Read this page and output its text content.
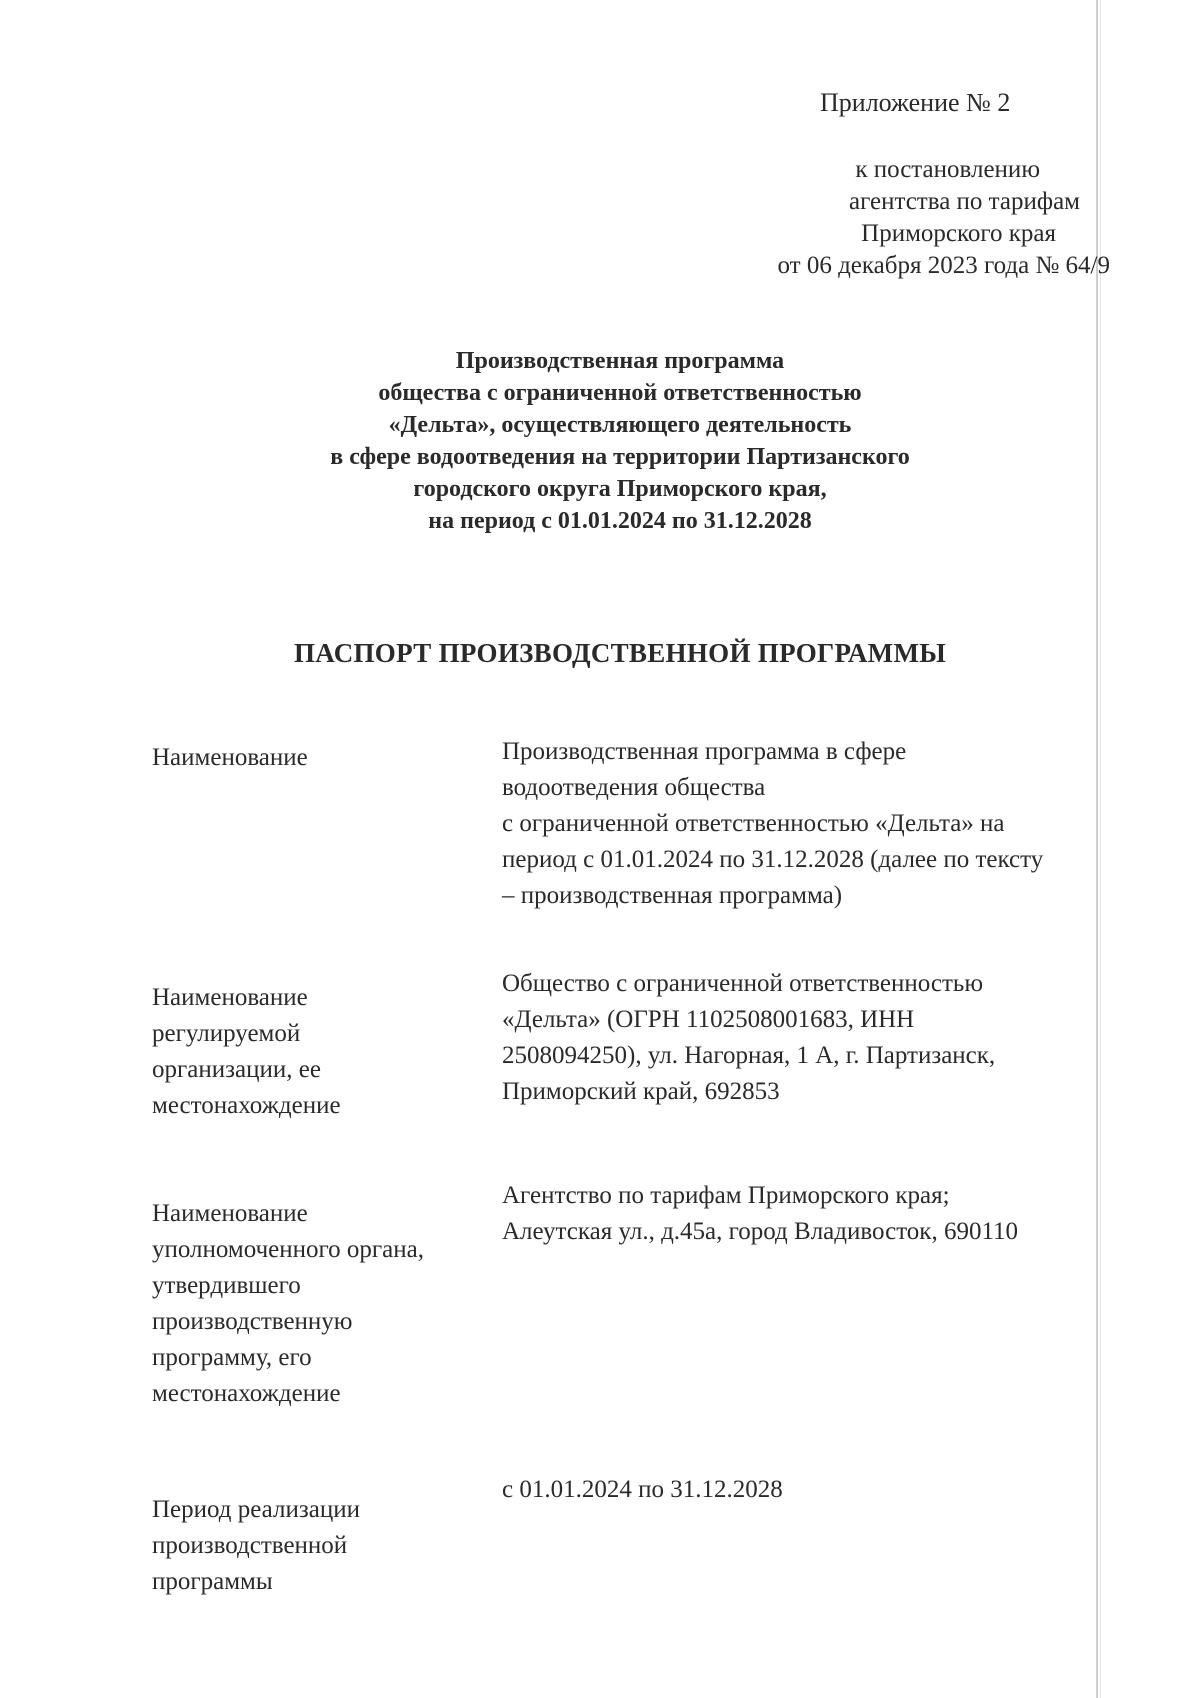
Приложение № 2
к постановлению
агентства по тарифам
Приморского края
от 06 декабря 2023 года № 64/9
Производственная программа
общества с ограниченной ответственностью
«Дельта», осуществляющего деятельность
в сфере водоотведения на территории Партизанского
городского округа Приморского края,
на период с 01.01.2024 по 31.12.2028
ПАСПОРТ ПРОИЗВОДСТВЕННОЙ ПРОГРАММЫ
Наименование	Производственная программа в сфере
водоотведения общества
с ограниченной ответственностью «Дельта» на
период с 01.01.2024 по 31.12.2028 (далее по тексту
– производственная программа)
Наименование
регулируемой
организации, ее
местонахождение
Общество с ограниченной ответственностью
«Дельта» (ОГРН 1102508001683, ИНН
2508094250), ул. Нагорная, 1 А, г. Партизанск,
Приморский край, 692853
Наименование
уполномоченного органа,
утвердившего
производственную
программу, его
местонахождение
Агентство по тарифам Приморского края;
Алеутская ул., д.45а, город Владивосток, 690110
Период реализации
производственной
программы
с 01.01.2024 по 31.12.2028
